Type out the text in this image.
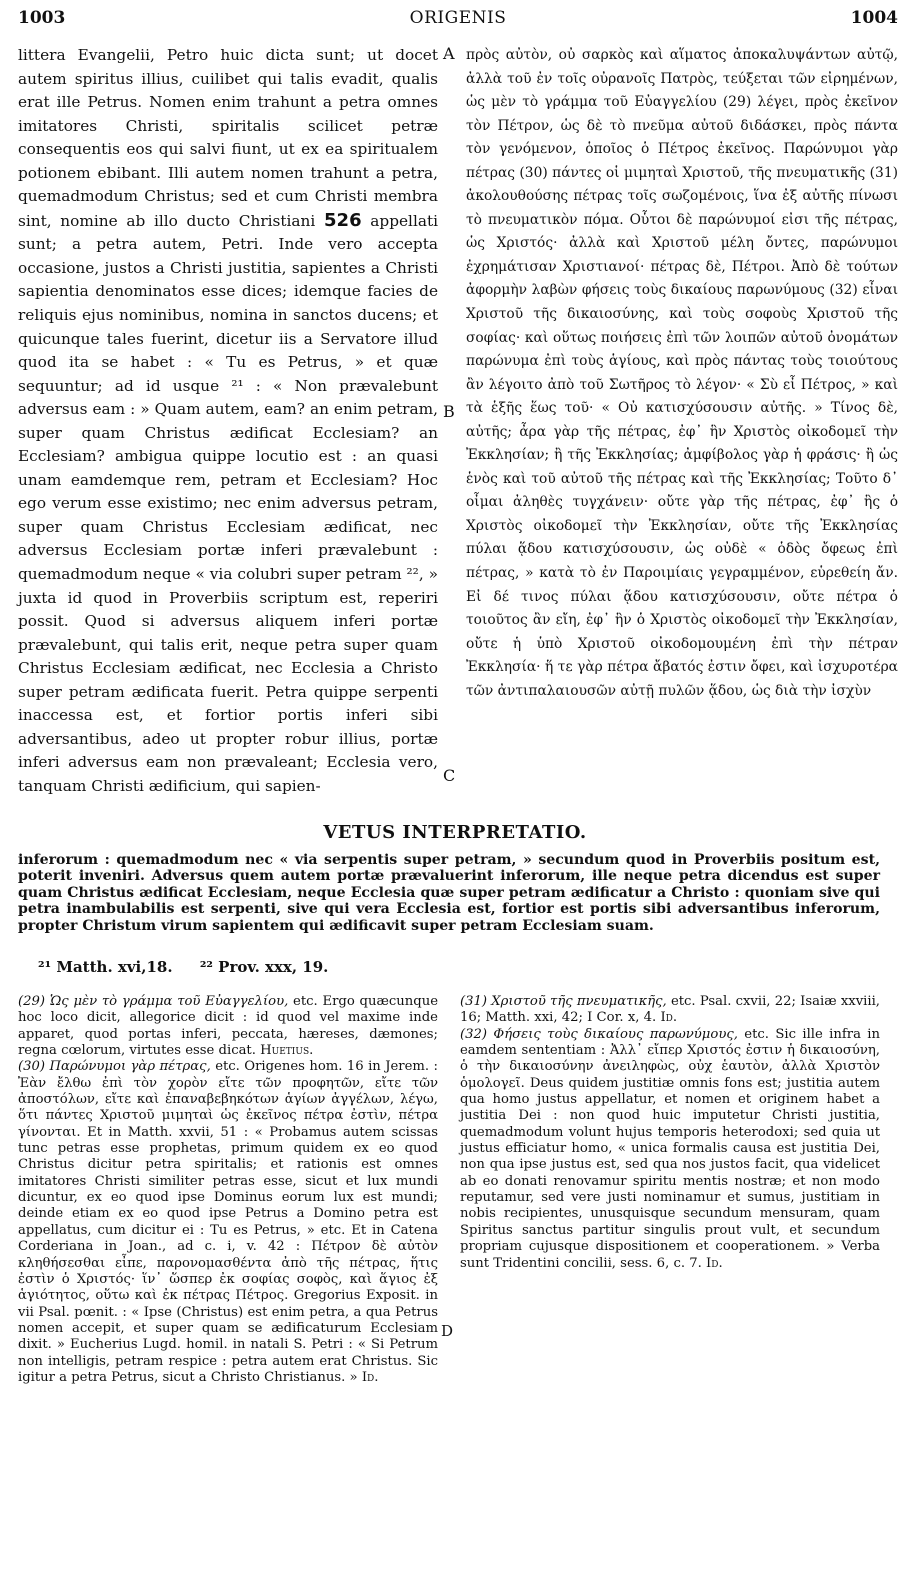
1003	ORIGENIS	1004
littera Evangelii, Petro huic dicta sunt; ut docet autem spiritus illius, cuilibet qui talis evadit, qualis erat ille Petrus. Nomen enim trahunt a petra omnes imitatores Christi, spiritalis scilicet petræ consequentis eos qui salvi fiunt, ut ex ea spiritualem potionem ebibant. Illi autem nomen trahunt a petra, quemadmodum Christus; sed et cum Christi membra sint, nomine ab illo ducto Christiani 526 appellati sunt; a petra autem, Petri. Inde vero accepta occasione, justos a Christi justitia, sapientes a Christi sapientia denominatos esse dices; idemque facies de reliquis ejus nominibus, nomina in sanctos ducens; et quicunque tales fuerint, dicetur iis a Servatore illud quod ita se habet : « Tu es Petrus, » et quæ sequuntur; ad id usque ²¹ : « Non prævalebunt adversus eam : » Quam autem, eam? an enim petram, super quam Christus ædificat Ecclesiam? an Ecclesiam? ambigua quippe locutio est : an quasi unam eamdemque rem, petram et Ecclesiam? Hoc ego verum esse existimo; nec enim adversus petram, super quam Christus Ecclesiam ædificat, nec adversus Ecclesiam portæ inferi prævalebunt : quemadmodum neque « via colubri super petram ²², » juxta id quod in Proverbiis scriptum est, reperiri possit. Quod si adversus aliquem inferi portæ prævalebunt, qui talis erit, neque petra super quam Christus Ecclesiam ædificat, nec Ecclesia a Christo super petram ædificata fuerit. Petra quippe serpenti inaccessa est, et fortior portis inferi sibi adversantibus, adeo ut propter robur illius, portæ inferi adversus eam non prævaleant; Ecclesia vero, tanquam Christi ædificium, qui sapien-
A
B
C
πρὸς αὐτὸν, οὐ σαρκὸς καὶ αἵματος ἀποκαλυψάντων αὐτῷ, ἀλλὰ τοῦ ἐν τοῖς οὐρανοῖς Πατρὸς, τεύξεται τῶν εἰρημένων, ὡς μὲν τὸ γράμμα τοῦ Εὐαγγελίου (29) λέγει, πρὸς ἐκεῖνον τὸν Πέτρον, ὡς δὲ τὸ πνεῦμα αὐτοῦ διδάσκει, πρὸς πάντα τὸν γενόμενον, ὁποῖος ὁ Πέτρος ἐκεῖνος. Παρώνυμοι γὰρ πέτρας (30) πάντες οἱ μιμηταὶ Χριστοῦ, τῆς πνευματικῆς (31) ἀκολουθούσης πέτρας τοῖς σωζομένοις, ἵνα ἐξ αὐτῆς πίνωσι τὸ πνευματικὸν πόμα. Οὗτοι δὲ παρώνυμοί εἰσι τῆς πέτρας, ὡς Χριστός· ἀλλὰ καὶ Χριστοῦ μέλη ὄντες, παρώνυμοι ἐχρημάτισαν Χριστιανοί· πέτρας δὲ, Πέτροι. Ἀπὸ δὲ τούτων ἀφορμὴν λαβὼν φήσεις τοὺς δικαίους παρωνύμους (32) εἶναι Χριστοῦ τῆς δικαιοσύνης, καὶ τοὺς σοφοὺς Χριστοῦ τῆς σοφίας· καὶ οὕτως ποιήσεις ἐπὶ τῶν λοιπῶν αὐτοῦ ὀνομάτων παρώνυμα ἐπὶ τοὺς ἁγίους, καὶ πρὸς πάντας τοὺς τοιούτους ἂν λέγοιτο ἀπὸ τοῦ Σωτῆρος τὸ λέγον· « Σὺ εἶ Πέτρος, » καὶ τὰ ἑξῆς ἕως τοῦ· « Οὐ κατισχύσουσιν αὐτῆς. » Τίνος δὲ, αὐτῆς; ἆρα γὰρ τῆς πέτρας, ἐφ᾽ ἣν Χριστὸς οἰκοδομεῖ τὴν Ἐκκλησίαν; ἢ τῆς Ἐκκλησίας; ἀμφίβολος γὰρ ἡ φράσις· ἢ ὡς ἑνὸς καὶ τοῦ αὐτοῦ τῆς πέτρας καὶ τῆς Ἐκκλησίας; Τοῦτο δ᾽ οἶμαι ἀληθὲς τυγχάνειν· οὔτε γὰρ τῆς πέτρας, ἐφ᾽ ἣς ὁ Χριστὸς οἰκοδομεῖ τὴν Ἐκκλησίαν, οὔτε τῆς Ἐκκλησίας πύλαι ᾅδου κατισχύσουσιν, ὡς οὐδὲ « ὁδὸς ὄφεως ἐπὶ πέτρας, » κατὰ τὸ ἐν Παροιμίαις γεγραμμένον, εὑρεθείη ἄν. Εἰ δέ τινος πύλαι ᾅδου κατισχύσουσιν, οὔτε πέτρα ὁ τοιοῦτος ἂν εἴη, ἐφ᾽ ἣν ὁ Χριστὸς οἰκοδομεῖ τὴν Ἐκκλησίαν, οὔτε ἡ ὑπὸ Χριστοῦ οἰκοδομουμένη ἐπὶ τὴν πέτραν Ἐκκλησία· ἥ τε γὰρ πέτρα ἄβατός ἐστιν ὄφει, καὶ ἰσχυροτέρα τῶν ἀντιπαλαιουσῶν αὐτῇ πυλῶν ᾅδου, ὡς διὰ τὴν ἰσχὺν
VETUS INTERPRETATIO.
inferorum : quemadmodum nec « via serpentis super petram, » secundum quod in Proverbiis positum est, poterit inveniri. Adversus quem autem portæ prævaluerint inferorum, ille neque petra dicendus est super quam Christus ædificat Ecclesiam, neque Ecclesia quæ super petram ædificatur a Christo : quoniam sive qui petra inambulabilis est serpenti, sive qui vera Ecclesia est, fortior est portis sibi adversantibus inferorum, propter Christum virum sapientem qui ædificavit super petram Ecclesiam suam.
²¹ Matth. xvi,18. ²² Prov. xxx, 19.

(29) Ὡς μὲν τὸ γράμμα τοῦ Εὐαγγελίου, etc. Ergo quæcunque hoc loco dicit, allegorice dicit : id quod vel maxime inde apparet, quod portas inferi, peccata, hæreses, dæmones; regna cœlorum, virtutes esse dicat. Huetius.

(30) Παρώνυμοι γὰρ πέτρας, etc. Origenes hom. 16 in Jerem. : Ἐὰν ἔλθω ἐπὶ τὸν χορὸν εἴτε τῶν προφητῶν, εἴτε τῶν ἀποστόλων, εἴτε καὶ ἐπαναβεβηκότων ἁγίων ἀγγέλων, λέγω, ὅτι πάντες Χριστοῦ μιμηταὶ ὡς ἐκεῖνος πέτρα ἐστὶν, πέτρα γίνονται. Et in Matth. xxvii, 51 : « Probamus autem scissas tunc petras esse prophetas, primum quidem ex eo quod Christus dicitur petra spiritalis; et rationis est omnes imitatores Christi similiter petras esse, sicut et lux mundi dicuntur, ex eo quod ipse Dominus eorum lux est mundi; deinde etiam ex eo quod ipse Petrus a Domino petra est appellatus, cum dicitur ei : Tu es Petrus, » etc. Et in Catena Corderiana in Joan., ad c. i, v. 42 : Πέτρον δὲ αὐτὸν κληθήσεσθαι εἶπε, παρονομασθέντα ἀπὸ τῆς πέτρας, ἥτις ἐστὶν ὁ Χριστός· ἵν᾽ ὥσπερ ἐκ σοφίας σοφὸς, καὶ ἅγιος ἐξ ἁγιότητος, οὕτω καὶ ἐκ πέτρας Πέτρος. Gregorius Exposit. in vii Psal. pœnit. : « Ipse (Christus) est enim petra, a qua Petrus nomen accepit, et super quam se ædificaturum Ecclesiam dixit. » Eucherius Lugd. homil. in natali S. Petri : « Si Petrum non intelligis, petram respice : petra autem erat Christus. Sic igitur a petra Petrus, sicut a Christo Christianus. » Id.

D

(31) Χριστοῦ τῆς πνευματικῆς, etc. Psal. cxvii, 22; Isaiæ xxviii, 16; Matth. xxi, 42; I Cor. x, 4. Id.

(32) Φήσεις τοὺς δικαίους παρωνύμους, etc. Sic ille infra in eamdem sententiam : Ἀλλ᾽ εἴπερ Χριστός ἐστιν ἡ δικαιοσύνη, ὁ τὴν δικαιοσύνην ἀνειληφὼς, οὐχ ἑαυτὸν, ἀλλὰ Χριστὸν ὁμολογεῖ. Deus quidem justitiæ omnis fons est; justitia autem qua homo justus appellatur, et nomen et originem habet a justitia Dei : non quod huic imputetur Christi justitia, quemadmodum volunt hujus temporis heterodoxi; sed quia ut justus efficiatur homo, « unica formalis causa est justitia Dei, non qua ipse justus est, sed qua nos justos facit, qua videlicet ab eo donati renovamur spiritu mentis nostræ; et non modo reputamur, sed vere justi nominamur et sumus, justitiam in nobis recipientes, unusquisque secundum mensuram, quam Spiritus sanctus partitur singulis prout vult, et secundum propriam cujusque dispositionem et cooperationem. » Verba sunt Tridentini concilii, sess. 6, c. 7. Id.
